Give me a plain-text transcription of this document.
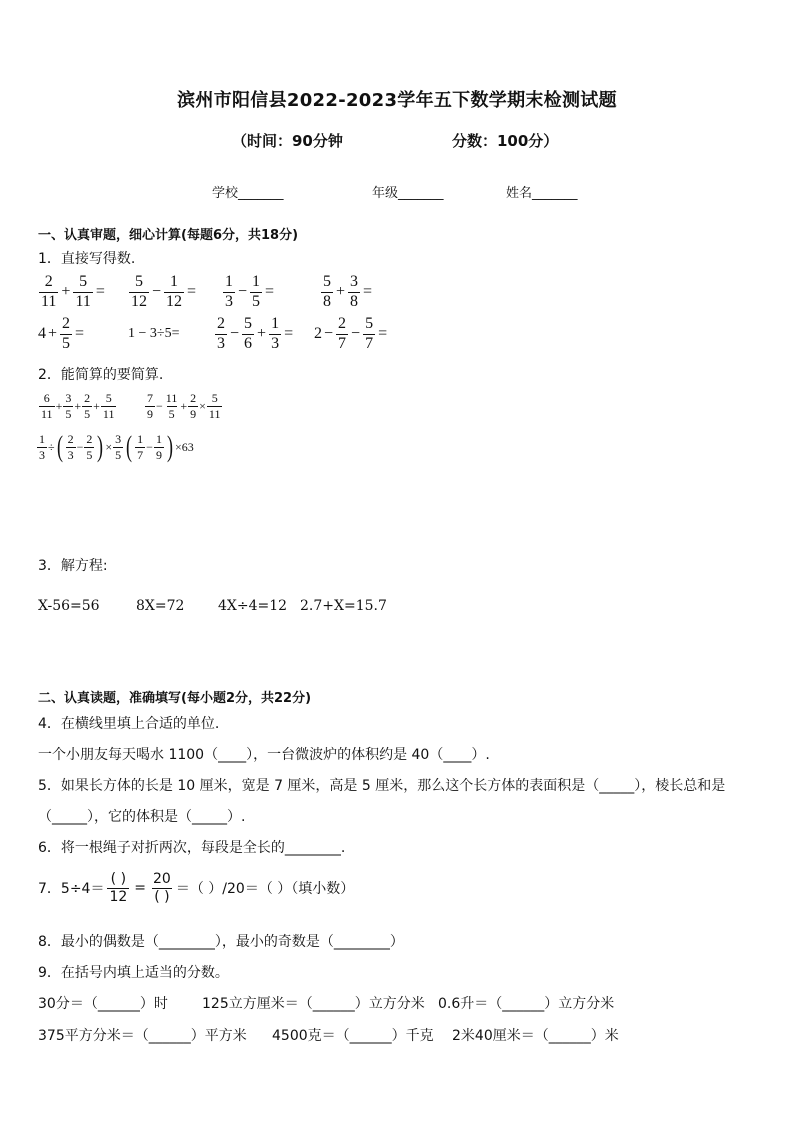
滨州市阳信县2022-2023学年五下数学期末检测试题
（时间：90分钟	分数：100分）
学校_______	年级_______	姓名_______
一、认真审题，细心计算(每题6分，共18分)
1．直接写得数.
2
11
+ $\frac{5}{11}$ =
5
12
− $\frac{1}{12}$ =
1
3
− $\frac{1}{5}$ =
5
8
+ $\frac{3}{8}$ =
$4 + \frac{2}{5}$ =	1 − 3÷5=
2
3
− $\frac{5}{6} + \frac{1}{3} = 2 - \frac{2}{7} - \frac{5}{7}$ =
2．能简算的要简算.
6
11
+ $\frac{3}{5} + \frac{2}{5} + \frac{5}{11}$	7
9
− $\frac{11}{5} + \frac{2}{9} \times \frac{5}{11}$
$\frac{1}{3}$ ÷ ( 2
3
− $\frac{2}{5}$ ) × $\frac{3}{5}$ ( 1
7
− $\frac{1}{9}$ ) × 63
3．解方程:
X-56=56	8X=72 4X÷4=12 2.7+X=15.7
二、认真读题，准确填写(每小题2分，共22分)
4．在横线里填上合适的单位.
一个小朋友每天喝水 1100（____），一台微波炉的体积约是 40（____）.
5．如果长方体的长是 10 厘米，宽是 7 厘米，高是 5 厘米，那么这个长方体的表面积是（_____），棱长总和是
（_____），它的体积是（_____）.
6．将一根绳子对折两次，每段是全长的________.
7．5÷4＝
( )
12
=
20
( ) ＝（ ）/20＝（ ）（填小数）
8．最小的偶数是（________），最小的奇数是（________）
9．在括号内填上适当的分数。
30分＝（______）时 125立方厘米＝（______）立方分米 0.6升＝（______）立方分米
375平方分米＝（______）平方米 4500克＝（______）千克 2米40厘米＝（______）米
